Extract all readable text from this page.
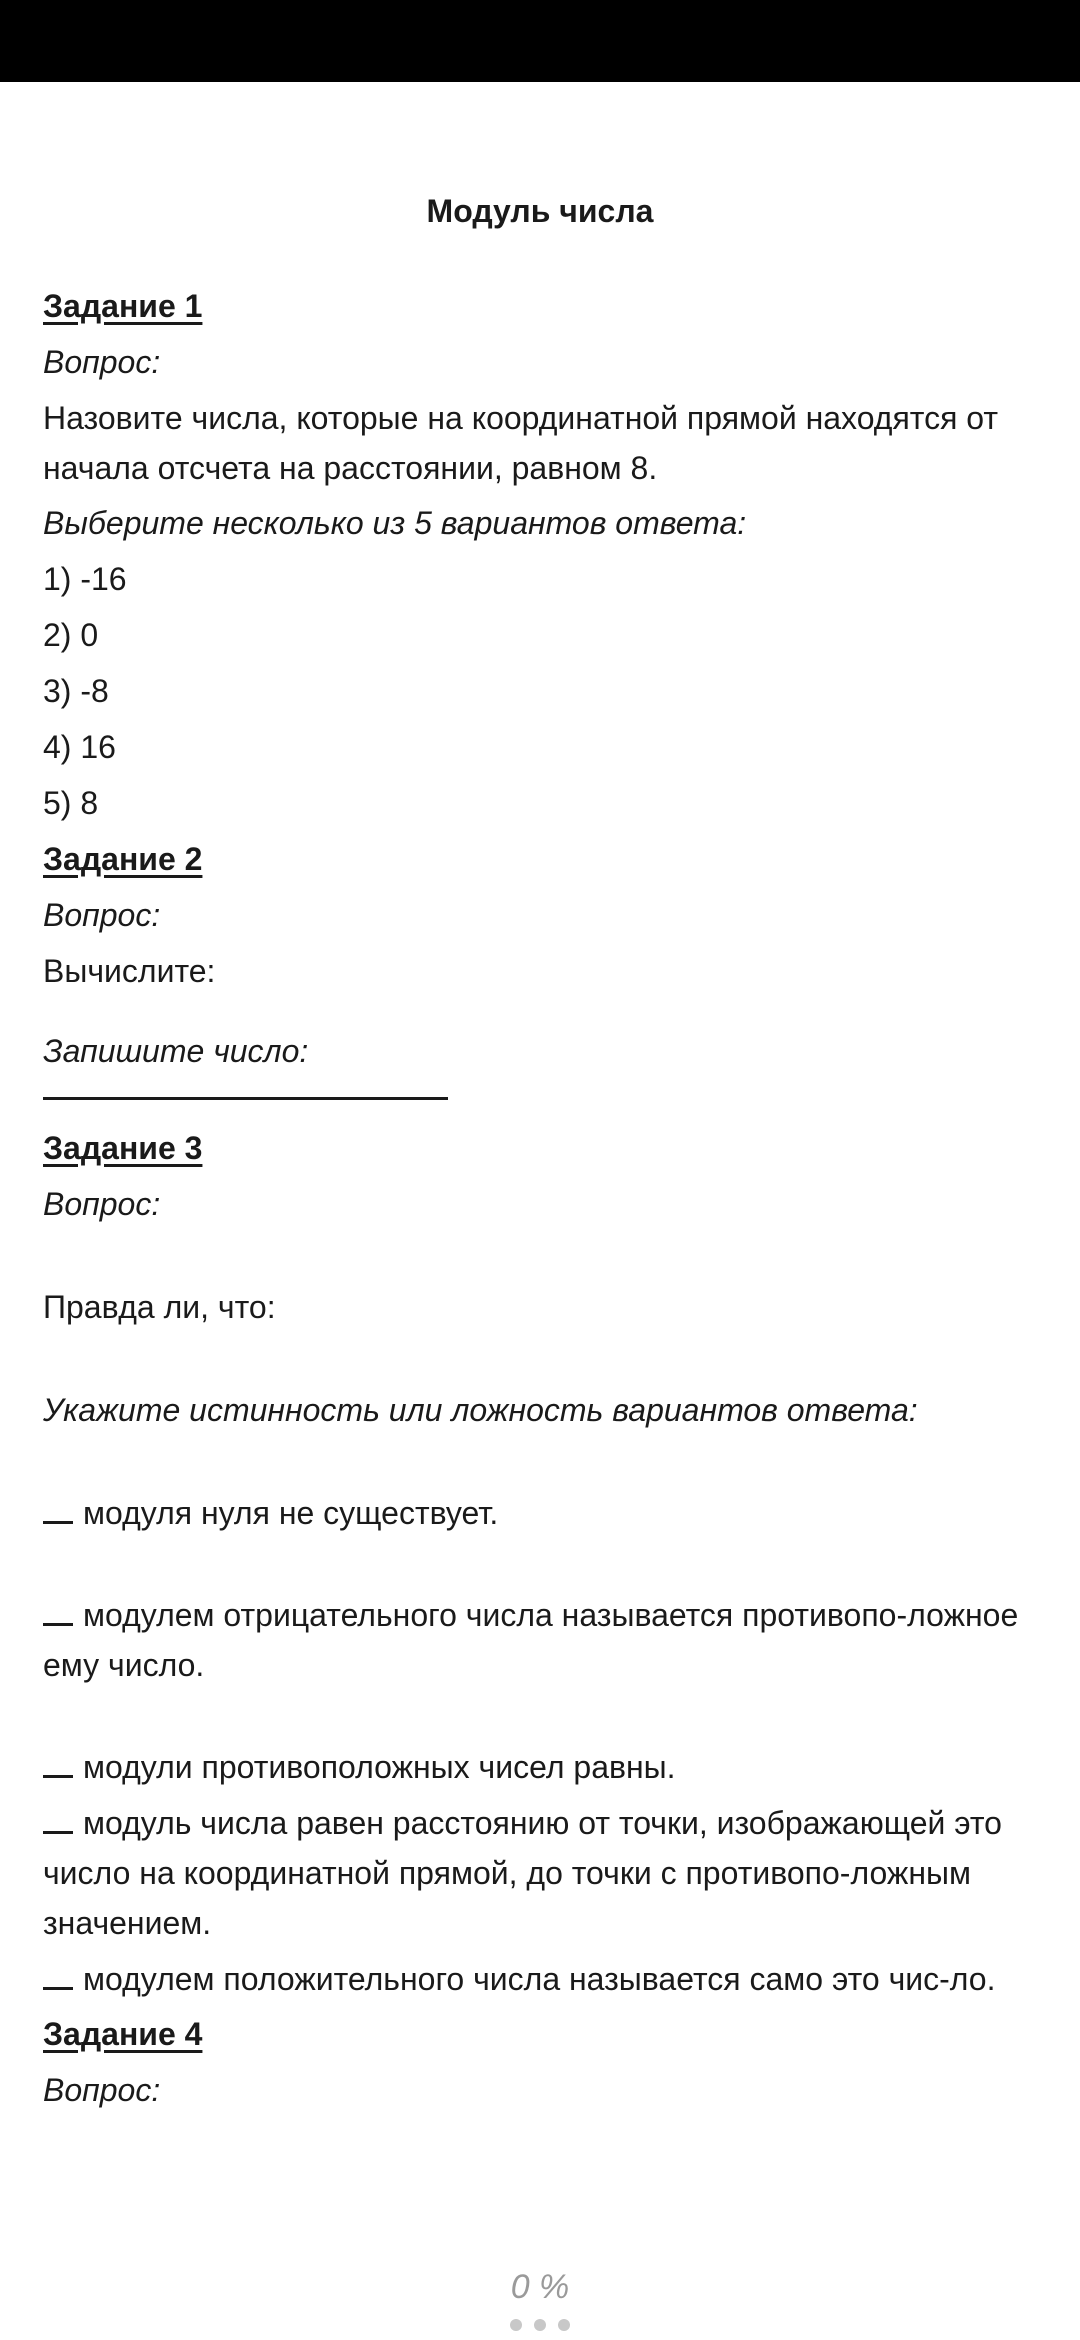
Модуль числа
Задание 1
Вопрос:
Назовите числа, которые на координатной прямой находятся от начала отсчета на расстоянии, равном 8.
Выберите несколько из 5 вариантов ответа:
1) -16
2) 0
3) -8
4) 16
5) 8
Задание 2
Вопрос:
Вычислите:
Запишите число:
Задание 3
Вопрос:
Правда ли, что:
Укажите истинность или ложность вариантов ответа:
модуля нуля не существует.
модулем отрицательного числа называется противопо-ложное ему число.
модули противоположных чисел равны.
модуль числа равен расстоянию от точки, изображающей это число на координатной прямой, до точки с противопо-ложным значением.
модулем положительного числа называется само это чис-ло.
Задание 4
Вопрос:
0 %
